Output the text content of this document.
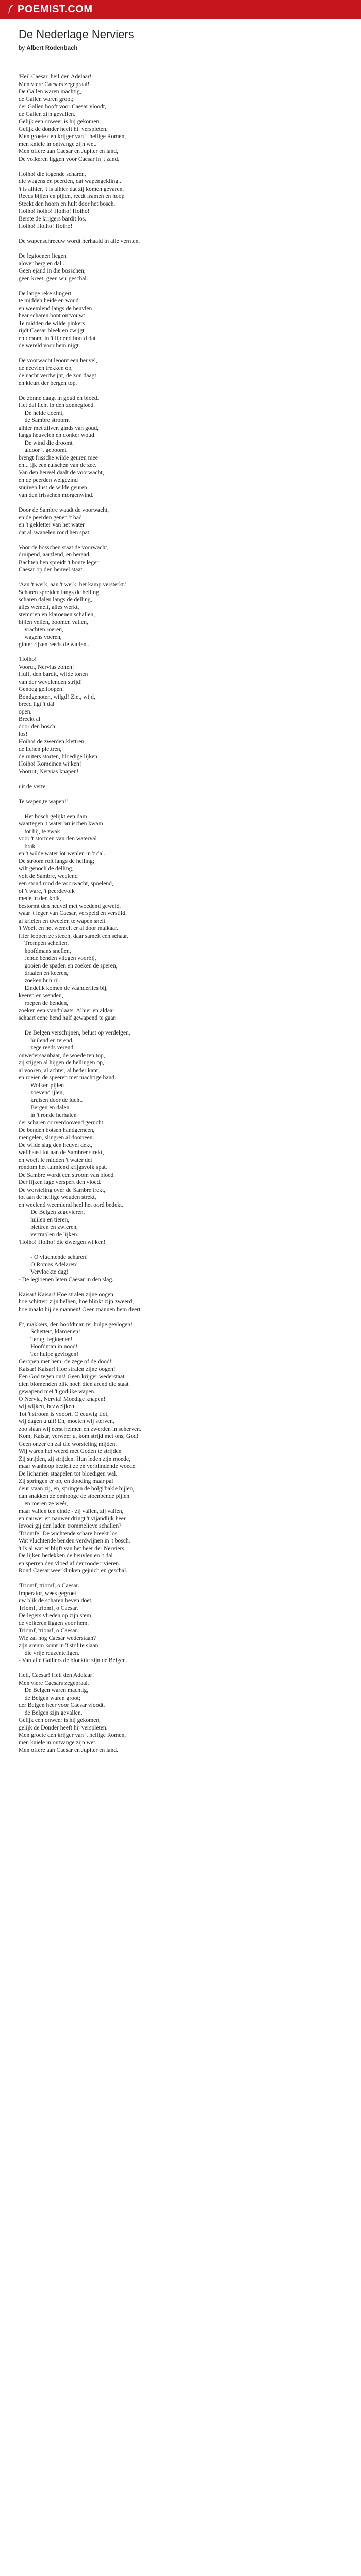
POEMIST.COM
De Nederlage Nerviers
by Albert Rodenbach
'Heil Caesar, heil den Adelaar!
Men viere Caesars zegepraal!
De Gallen waren machtig,
de Gallen waren groot;
der Gallen hooft voor Caesar vloodt,
de Gallen zijn gevallen.
Gelijk een onweer is hij gekomen,
Gelijk de donder heeft hij verspleten.
Men groete den krijger van 't heilige Romen,
men kniele in ontvange zijn wet.
Men offere aan Caesar en Jupiter en land,
De volkeren liggen voor Caesar in 't zand.
Hoiho! die togende scharen,
die wagens en peerden, dat wapengekling...
't is alhier, 't is alhier dat zij komen gevaren.
Reeds bijlen en pijlen, reedt framen en hoop
Steekt den hoorn en hult door het bosch.
Hoiho! hoiho! Hoiho! Hoiho!
Berste de krijgers bardit los.
Hoiho! Hoiho! Hoiho!
De wapenschreeuw wordt herhaald in alle vernten.
De legioenen liegen
alover berg en dal...
Geen ejand in die bosschen,
geen kreet, geen wir geschal.
De lange reke slingert
te midden heide en woud
en weemlend langs de heuvlen
hear scharen bont ontvouwt.
Te midden de wilde pinkers
rijdt Caesar bleek en zwijgt
en droomt in 't lijdend hoofd dat
de wereld voor hem nijgt.
De voorwacht leoont een heuvel,
de neevlen trekken op,
de nacht verdwijnt, de zon daagt
en kleurt der bergen top.
De zonne daagt in goud en bloed.
Het dal licht in den zonnegloed.
De heide doemt,
de Sambre stroomt
alhier met zilver, ginds van goud,
langs heuvelen en donker woud.
De wind die droomt
aldoor 't geboomt
brengt frissche wilde geuren mee
en... Ijk een ruischen van de zee.
Van den heuvel daalt de voorwacht,
en de peerden welgezind
snuiven lust de wilde geuren
van den frisschen morgenwind.
Door de Sambre waadt de voorwacht,
en de peerden genen 't bad
en 't gekletter van het water
dat al swanelen rond hen spat.
Voor de bosschen staat de voorwacht,
druipend, aarzlend, en beraad.
Bachten hen spreidt 't bonte leger.
Caesar op den heuvel staat.
'Aan 't werk, aan 't werk, het kamp versterkt.'
Scharen spreiden langs de helling,
scharen dalen langs de delling,
alles wemelt, alles werkt,
stemmen en klaroenen schallen,
bijlen vellen, boomen vallen,
vrachten roeren,
wagens voeren,
ginter rijzen reeds de wallen...
'Hoiho!
Voorut, Nervias zonen!
Hulft den bardit, wilde tonen
van der wevelenden strijd!
Genoeg gelloopen!
Bondgenoten, wilgd! Ziet, wijd,
breed ligt 't dal
open.
Breekt al
door den bosch
los!
Hoiho! de zwerden klettren,
de lichen plettren,
de ruiters storten, bloedige lijken —
Hoiho! Romeinen wijken!
Vooruit, Nervias knapen!
uit de verte:
Te wapen,te wapen!'
Het bosch gelijkt een dam
waartegen 't water bruischen kwam
tot hij, te zwak
voor 't stormen van den waterval
brak
en 't wilde water lot wenlen in 't dal.
De stroom rolt langs de helling;
wilt genoch de delling,
volt de Sambre, weelend
een stond rond de voorwacht, spoelend,
of 't ware, 't peerdevolk
mede in den kolk,
bestormt den heuvel met woedend geweld,
waar 't leger van Caesar, verspeid en verstild,
al krielen en dweelen te wapen snelt.
't Woelt en het wemelt er al door malkaar.
Hier loopen ze steeen, daar samelt een schaar.
Trompen schellen,
hoofdmans snellen,
Jende benden vliegen voorbij,
gooien de spaden en zoeken de speren,
draaien en keeren,
zoeken hun rij.
Eindelik komen de vaanderlies bij,
keeren en wenden,
roepen de benden,
zoeken een standplaats. Alhier en aldaar
schaart eene bend half gewapend te gaar.
De Belgen verschijnen, belust op verdelgen,
huilend en terend,
zege reeds verend:
onwedersaanbaar, de woede ten top,
zij stijgen al hijgen de hellingen op,
al vooren, al achter, al beder kant,
en roeien de speeren met machtige hand.
Wolken pijlen
zoevend ijlen,
kruisen door de lucht.
Bergen en dalen
in 't ronde herhalen
der scharen oorverdoovend gerucht.
De benden botsen handgemeen,
mengelen, slingren al doorreen.
De wilde slag den heuvel dekt,
wellhaast tot aan de Sambrer strekt,
en woelt le midden 't water del
rondom het tuimlend krijgsvolk spat.
De Sambre wordt een stroom van bloed.
Der lijken lage verspert den vloed.
De worsteling over de Sambre trekt,
tot aan de heilige wouden strekt,
en weelend weemlend heel het oord bedekt.
De Belgen zegevieren,
huilen en tieren,
plettren en zwieren,
vertraplen de lijken.
'Hoiho! Hoiho! die dwergen wijken!
- O vluchtende scharen!
O Romas Adelaren!
Vervloekte dag!
- De legioenen leten Caesar in den slag.
Kaisar! Kaisar! Hoe stralen zijne oogen,
hoe schitteri zijn helhen, hoe blinkt zijn zweerd,
hoe maakt hij de mannen! Geen mannen hem deert.
Et, makkers, den hoofdman ter hulpe gevlogen!
Schettert, klaroenen!
Terug, legioenen!
Hoofdman in nood!
Ter hulpe gevlogen!
Geropen met hem: de zege of de dood!
Kaisar! Kaisar! Hoe stralen zijne oogen!
Een God tegen ons! Geen krijger wederstaat
dien blomenden blik noch dien arend die staat
gewapend met 't godlike wapen.
O Nervia, Nervia! Moedige knapen!
wij wijken, bezweijken.
Tot 't stroom is vooort. O eeuwig Lot,
wij dagen u uit! En, moeten wij sterven,
zoo slaan wij eerst helmen en zwerden in scherven.
Kom, Kaisar, verweer u, kom strijd met ons, God!
Geen onzer en zal die worsteling mijden.
Wij waren het weerd met Goden te strijden'
Zij strijden, zij strijden. Hun leden zijn moede,
maar wanhoop bezielt ze en verblindende woede.
De lichamen staapelen tot bloedigen wal.
Zij springen er op, en dooding maar pal
deur staan zij, en, springen de bolgi'bakle bijlen,
dan snakken ze omhooge de stoenbende pijlen
en roeren ze weêr,
maar vallen ten einde - zij vallen, zij vallen,
en nauwer en nauwer dringt 't vijandlijk heer.
Ievoci gij den laden trommelieve schallen?
'Triomfe! De wichtende schare breekt los.
Wat vluchtende benden verdwijnen in 't bosch.
't Is al wat er blijft van het heer der Nerviers.
De lijken bedekken de heuvlen en 't dal
en sperren den vloed af der roode rivieren.
Rond Caesar weerklinken gejuich en geschal.
'Triomf, triomf, o Caesar.
Imperator, wees gegroet,
uw blik de scharen beven doet.
Triomf, triomf, o Caesar.
De legers vlieden op zijn stem,
de volkeren liggen voor hem.
Triomf, triomf, o Caesar.
Wie zal nog Caesar wederstaan?
zijn arenm komt in 't stof te slaan
die vrije reuzenteligen.
- Van alle Galliers de bloektte zijn de Belgen.
Heil, Caesar! Heil den Adelaar!
Men viere Caesars zegepraal.
De Belgen waren machtig,
de Belgen waren groot;
der Belgen heer voor Caesar vloodt,
de Belgen zijn gevallen.
Gelijk een onweer is hij gekomen,
gelijk de Donder heeft hij verspleten.
Men groete den krijger van 't heilige Romen,
men kniele in ontvange zijn wet.
Men offere aan Caesar en Jupiter en land.
